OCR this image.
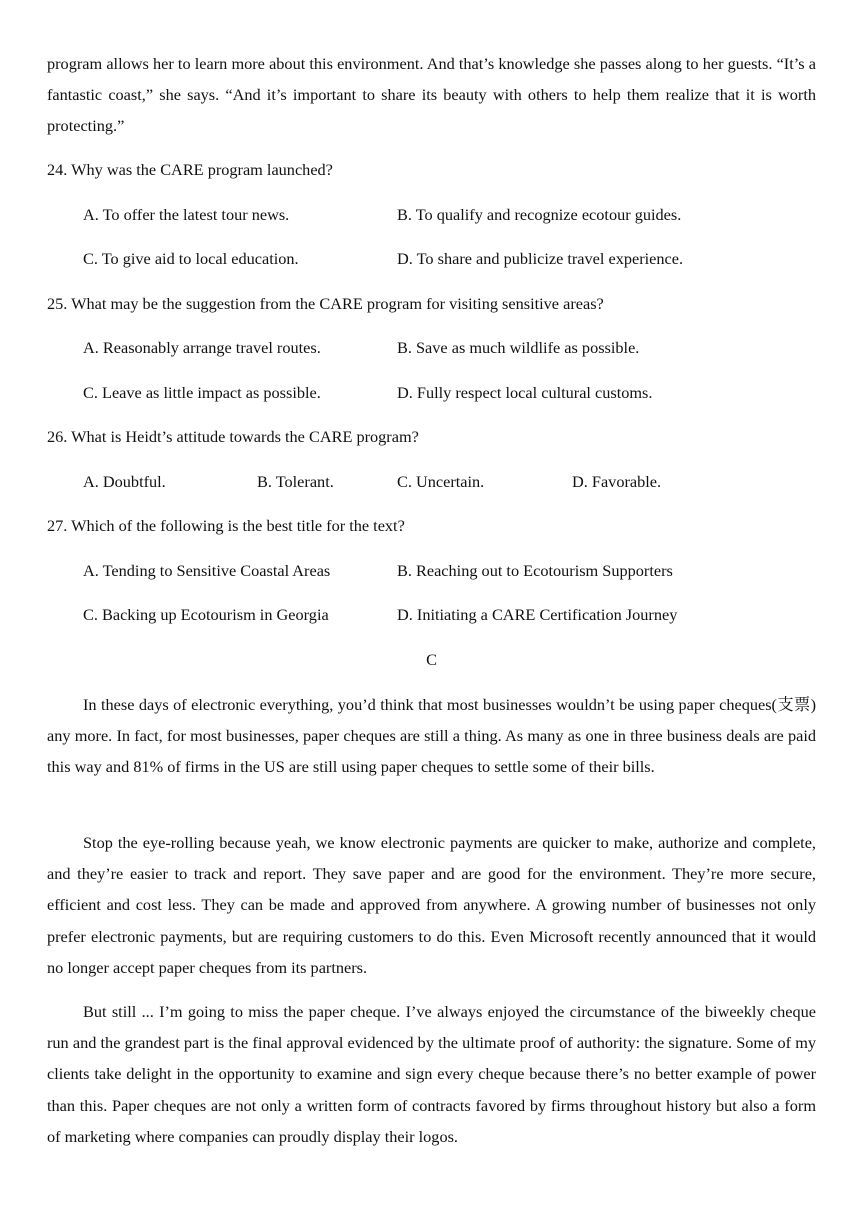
program allows her to learn more about this environment. And that’s knowledge she passes along to her guests. “It’s a fantastic coast,” she says. “And it’s important to share its beauty with others to help them realize that it is worth protecting.”

24. Why was the CARE program launched?

A. To offer the latest tour news.	B. To qualify and recognize ecotour guides.
C. To give aid to local education.	D. To share and publicize travel experience.

25. What may be the suggestion from the CARE program for visiting sensitive areas?

A. Reasonably arrange travel routes.	B. Save as much wildlife as possible.
C. Leave as little impact as possible.	D. Fully respect local cultural customs.

26. What is Heidt’s attitude towards the CARE program?

A. Doubtful.	B. Tolerant.	C. Uncertain.	D. Favorable.

27. Which of the following is the best title for the text?

A. Tending to Sensitive Coastal Areas	B. Reaching out to Ecotourism Supporters
C. Backing up Ecotourism in Georgia	D. Initiating a CARE Certification Journey

C

In these days of electronic everything, you’d think that most businesses wouldn’t be using paper cheques(支票) any more. In fact, for most businesses, paper cheques are still a thing. As many as one in three business deals are paid this way and 81% of firms in the US are still using paper cheques to settle some of their bills.

Stop the eye-rolling because yeah, we know electronic payments are quicker to make, authorize and complete, and they’re easier to track and report. They save paper and are good for the environment. They’re more secure, efficient and cost less. They can be made and approved from anywhere. A growing number of businesses not only prefer electronic payments, but are requiring customers to do this. Even Microsoft recently announced that it would no longer accept paper cheques from its partners.

But still ... I’m going to miss the paper cheque. I’ve always enjoyed the circumstance of the biweekly cheque run and the grandest part is the final approval evidenced by the ultimate proof of authority: the signature. Some of my clients take delight in the opportunity to examine and sign every cheque because there’s no better example of power than this. Paper cheques are not only a written form of contracts favored by firms throughout history but also a form of marketing where companies can proudly display their logos.
